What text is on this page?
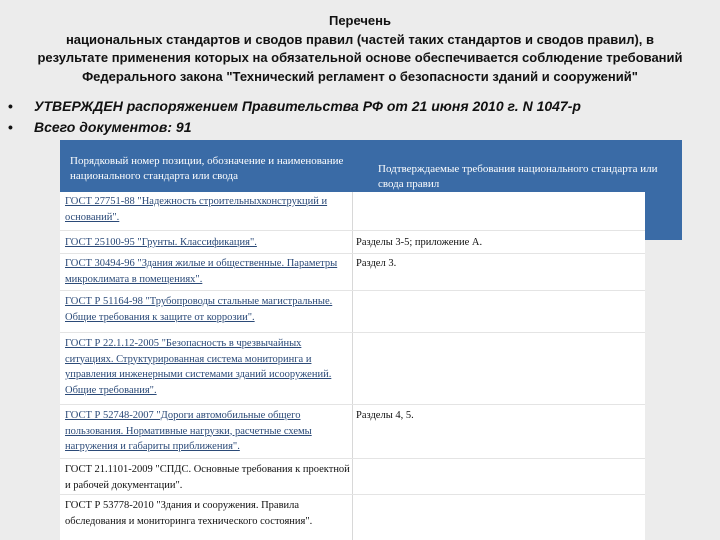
Перечень
национальных стандартов и сводов правил (частей таких стандартов и сводов правил), в
результате применения которых на обязательной основе обеспечивается соблюдение требований
Федерального закона "Технический регламент о безопасности зданий и сооружений"
• УТВЕРЖДЕН распоряжением Правительства РФ от 21 июня 2010 г. N 1047-р
• Всего документов: 91
Порядковый номер позиции, обозначение и наименование национального стандарта или свода
Подтверждаемые требования национального стандарта или свода правил
ГОСТ 27751-88 "Надежность строительныхконструкций и оснований".
ГОСТ 25100-95 "Грунты. Классификация".	Разделы 3-5; приложение А.
ГОСТ 30494-96 "Здания жилые и общественные. Параметры микроклимата в помещениях".
Раздел 3.
ГОСТ Р 51164-98 "Трубопроводы стальные магистральные. Общие требования к защите от коррозии".
ГОСТ Р 22.1.12-2005 "Безопасность в чрезвычайных ситуациях. Структурированная система мониторинга и управления инженерными системами зданий исооружений. Общие требования".
ГОСТ Р 52748-2007 "Дороги автомобильные общего пользования. Нормативные нагрузки, расчетные схемы нагружения и габариты приближения".
Разделы 4, 5.
ГОСТ 21.1101-2009 "СПДС. Основные требования к проектной и рабочей документации".
ГОСТ Р 53778-2010 "Здания и сооружения. Правила обследования и мониторинга технического состояния".
